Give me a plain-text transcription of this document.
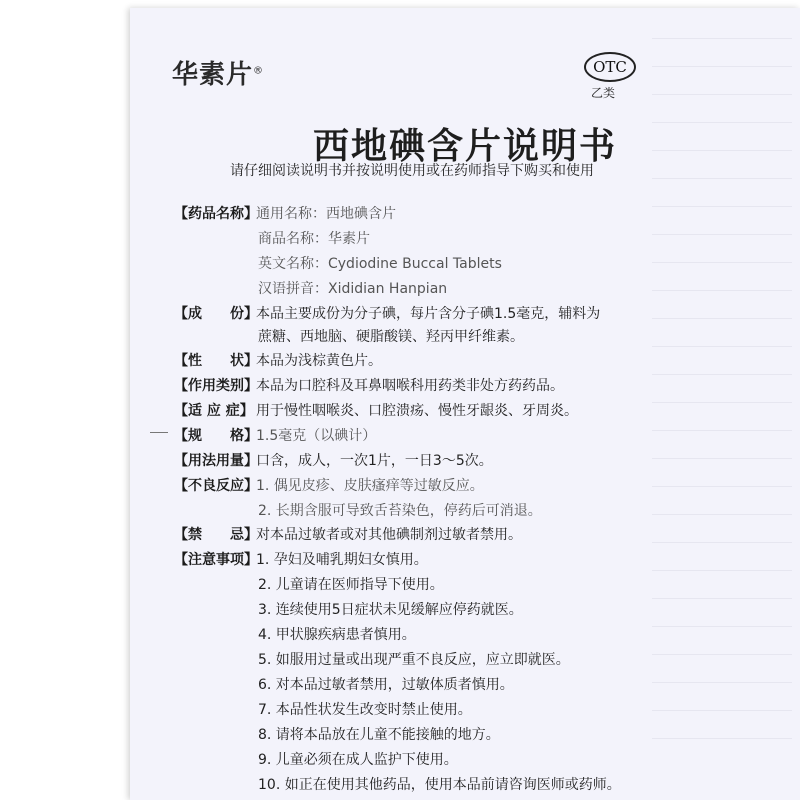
华素片®	OTC
乙类
西地碘含片说明书
请仔细阅读说明书并按说明使用或在药师指导下购买和使用
【药品名称】通用名称：西地碘含片
商品名称：华素片
英文名称：Cydiodine Buccal Tablets
汉语拼音：Xididian Hanpian
【成　　份】本品主要成份为分子碘，每片含分子碘1.5毫克，辅料为
蔗糖、西地脑、硬脂酸镁、羟丙甲纤维素。
【性　　状】本品为浅棕黄色片。
【作用类别】本品为口腔科及耳鼻咽喉科用药类非处方药药品。
【适 应 症】 用于慢性咽喉炎、口腔溃疡、慢性牙龈炎、牙周炎。
【规　　格】1.5毫克（以碘计）
【用法用量】口含，成人，一次1片，一日3～5次。
【不良反应】1. 偶见皮疹、皮肤瘙痒等过敏反应。
2. 长期含服可导致舌苔染色，停药后可消退。
【禁　　忌】对本品过敏者或对其他碘制剂过敏者禁用。
【注意事项】1. 孕妇及哺乳期妇女慎用。
2. 儿童请在医师指导下使用。
3. 连续使用5日症状未见缓解应停药就医。
4. 甲状腺疾病患者慎用。
5. 如服用过量或出现严重不良反应，应立即就医。
6. 对本品过敏者禁用，过敏体质者慎用。
7. 本品性状发生改变时禁止使用。
8. 请将本品放在儿童不能接触的地方。
9. 儿童必须在成人监护下使用。
10. 如正在使用其他药品，使用本品前请咨询医师或药师。
